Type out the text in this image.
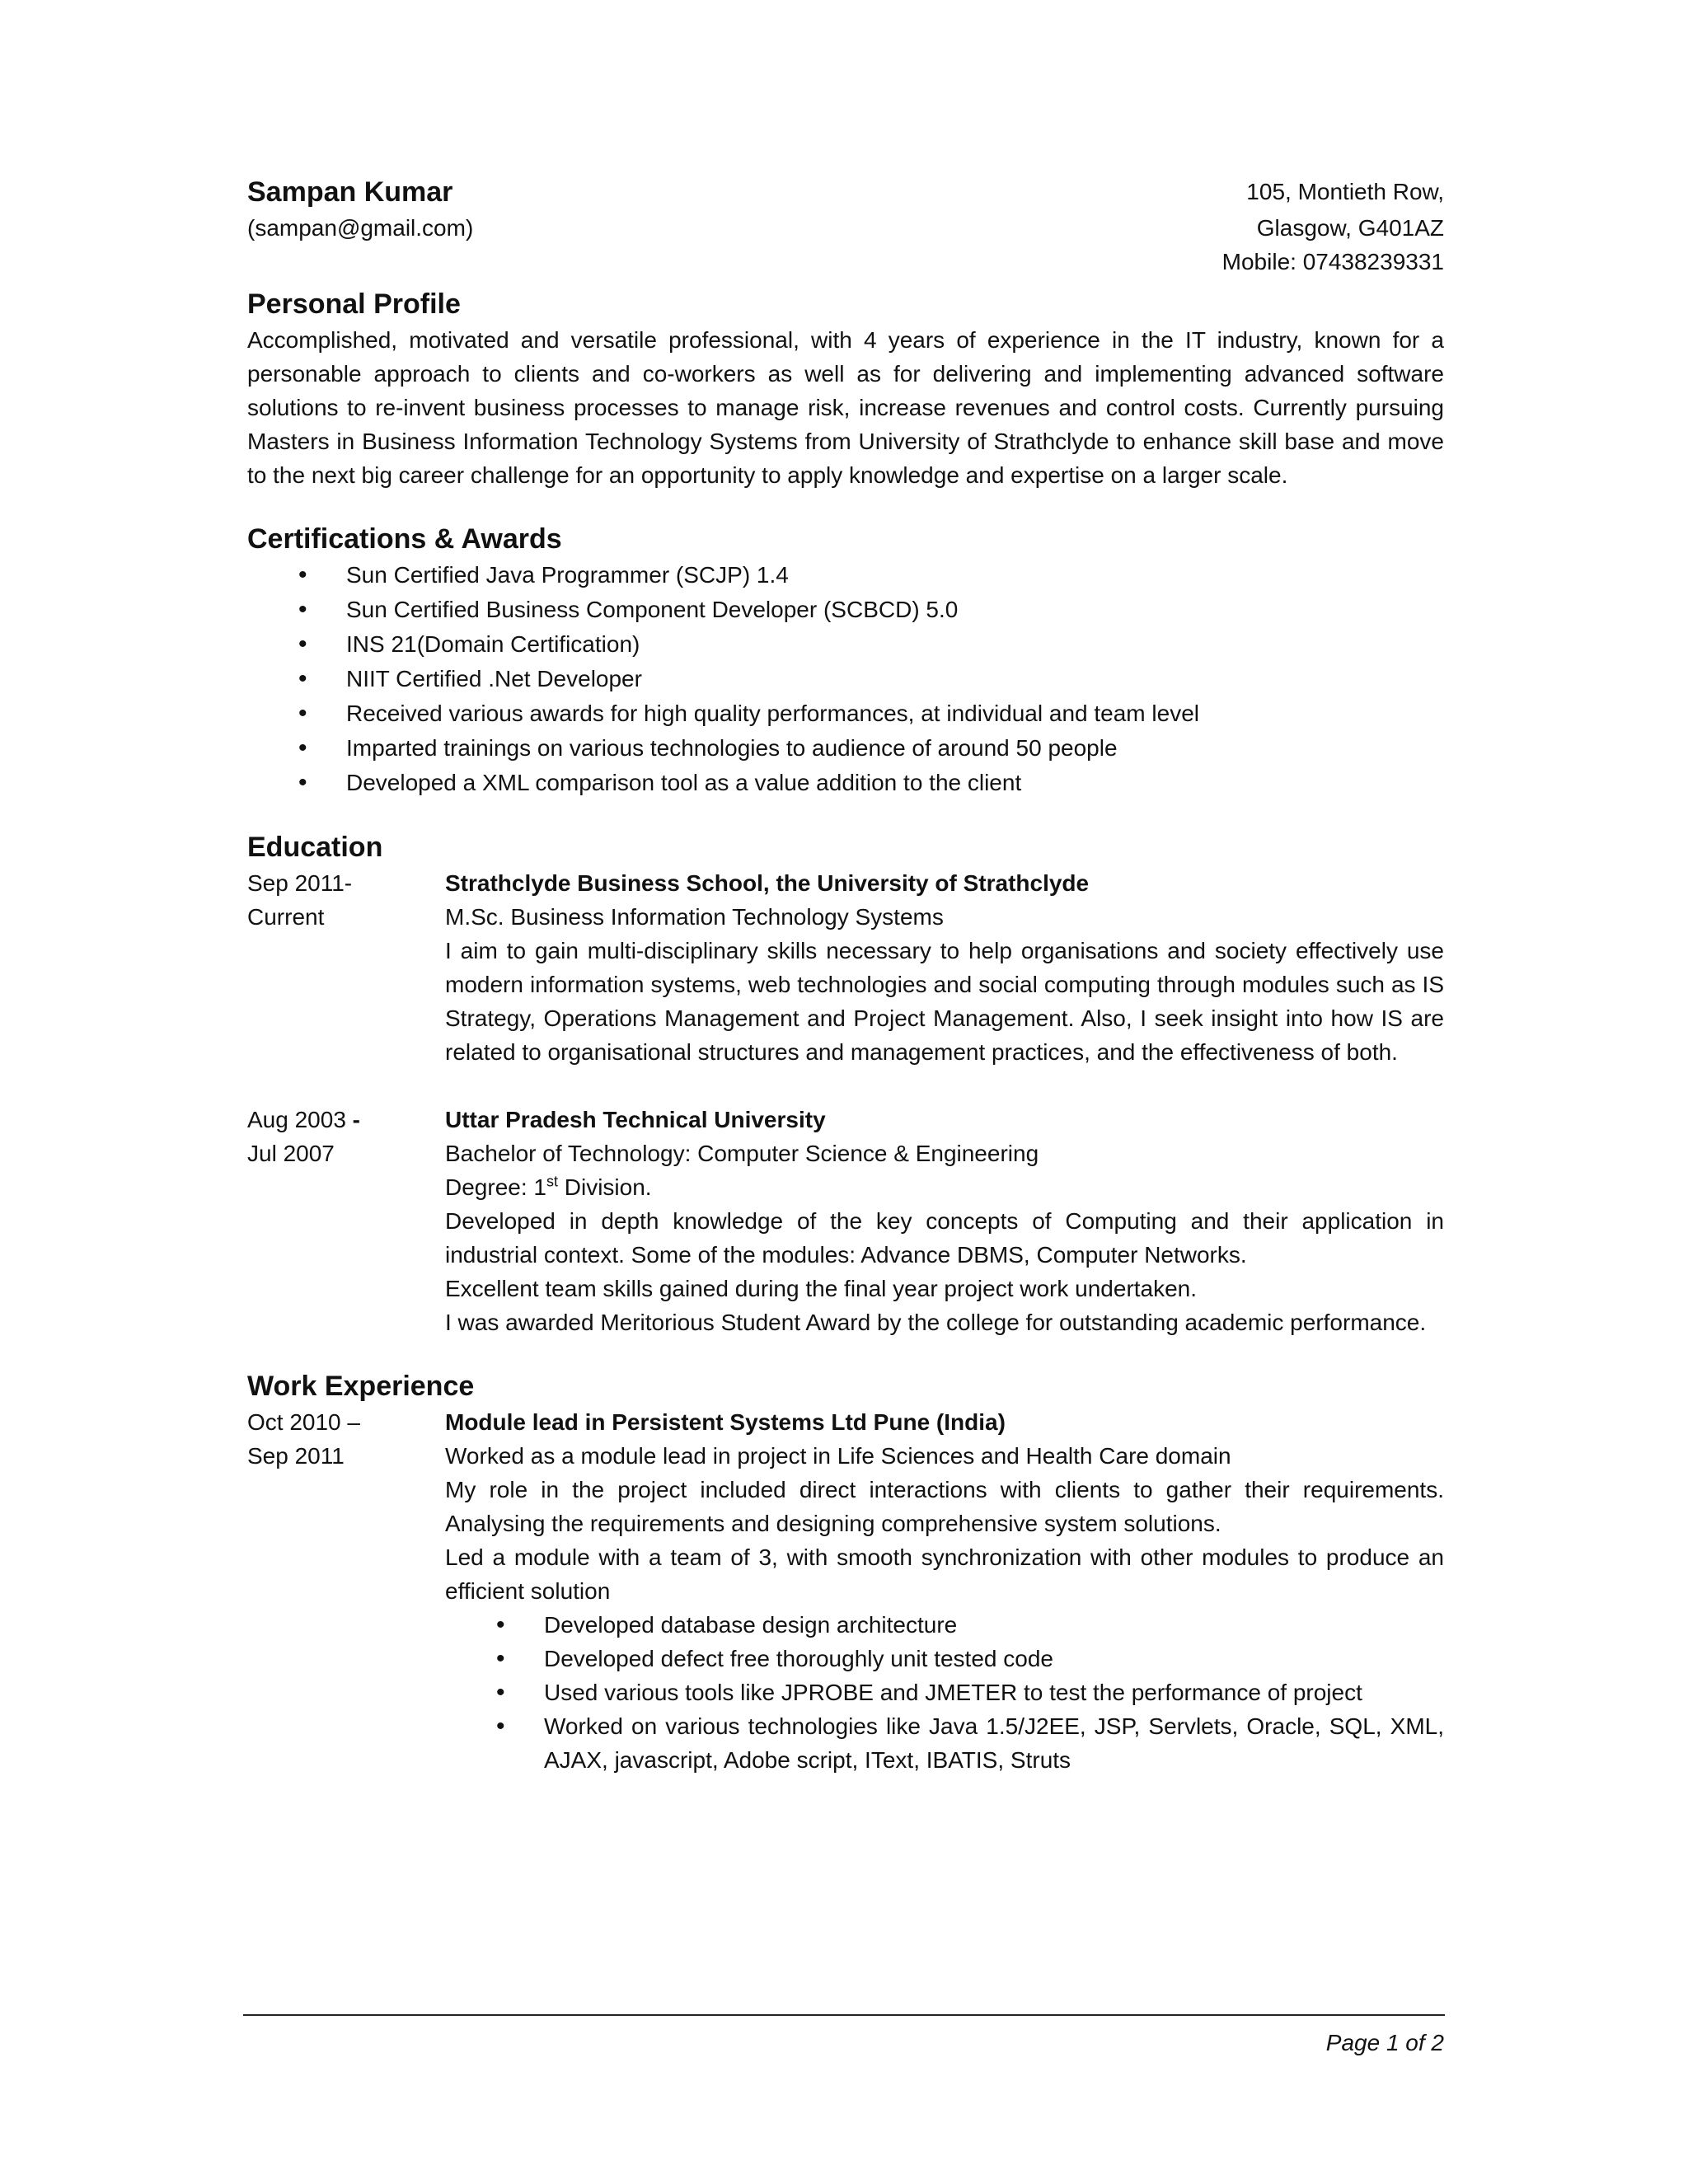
Sampan Kumar
(sampan@gmail.com)
105, Montieth Row,
Glasgow, G401AZ
Mobile: 07438239331
Personal Profile

Accomplished, motivated and versatile professional, with 4 years of experience in the IT industry, known for a personable approach to clients and co-workers as well as for delivering and implementing advanced software solutions to re-invent business processes to manage risk, increase revenues and control costs. Currently pursuing Masters in Business Information Technology Systems from University of Strathclyde to enhance skill base and move to the next big career challenge for an opportunity to apply knowledge and expertise on a larger scale.

Certifications & Awards
• Sun Certified Java Programmer (SCJP) 1.4
• Sun Certified Business Component Developer (SCBCD) 5.0
• INS 21(Domain Certification)
• NIIT Certified .Net Developer
• Received various awards for high quality performances, at individual and team level
• Imparted trainings on various technologies to audience of around 50 people
• Developed a XML comparison tool as a value addition to the client
Education
Sep 2011-
Current
Strathclyde Business School, the University of Strathclyde
M.Sc. Business Information Technology Systems
I aim to gain multi-disciplinary skills necessary to help organisations and society effectively use modern information systems, web technologies and social computing through modules such as IS Strategy, Operations Management and Project Management. Also, I seek insight into how IS are related to organisational structures and management practices, and the effectiveness of both.
Aug 2003 -
Jul 2007
Uttar Pradesh Technical University
Bachelor of Technology: Computer Science & Engineering
Degree: 1st Division.
Developed in depth knowledge of the key concepts of Computing and their application in industrial context. Some of the modules: Advance DBMS, Computer Networks.
Excellent team skills gained during the final year project work undertaken.
I was awarded Meritorious Student Award by the college for outstanding academic performance.
Work Experience
Oct 2010 –
Sep 2011
Module lead in Persistent Systems Ltd Pune (India)
Worked as a module lead in project in Life Sciences and Health Care domain
My role in the project included direct interactions with clients to gather their requirements. Analysing the requirements and designing comprehensive system solutions.
Led a module with a team of 3, with smooth synchronization with other modules to produce an efficient solution
• Developed database design architecture
• Developed defect free thoroughly unit tested code
• Used various tools like JPROBE and JMETER to test the performance of project
• Worked on various technologies like Java 1.5/J2EE, JSP, Servlets, Oracle, SQL, XML, AJAX, javascript, Adobe script, IText, IBATIS, Struts
Page 1 of 2
